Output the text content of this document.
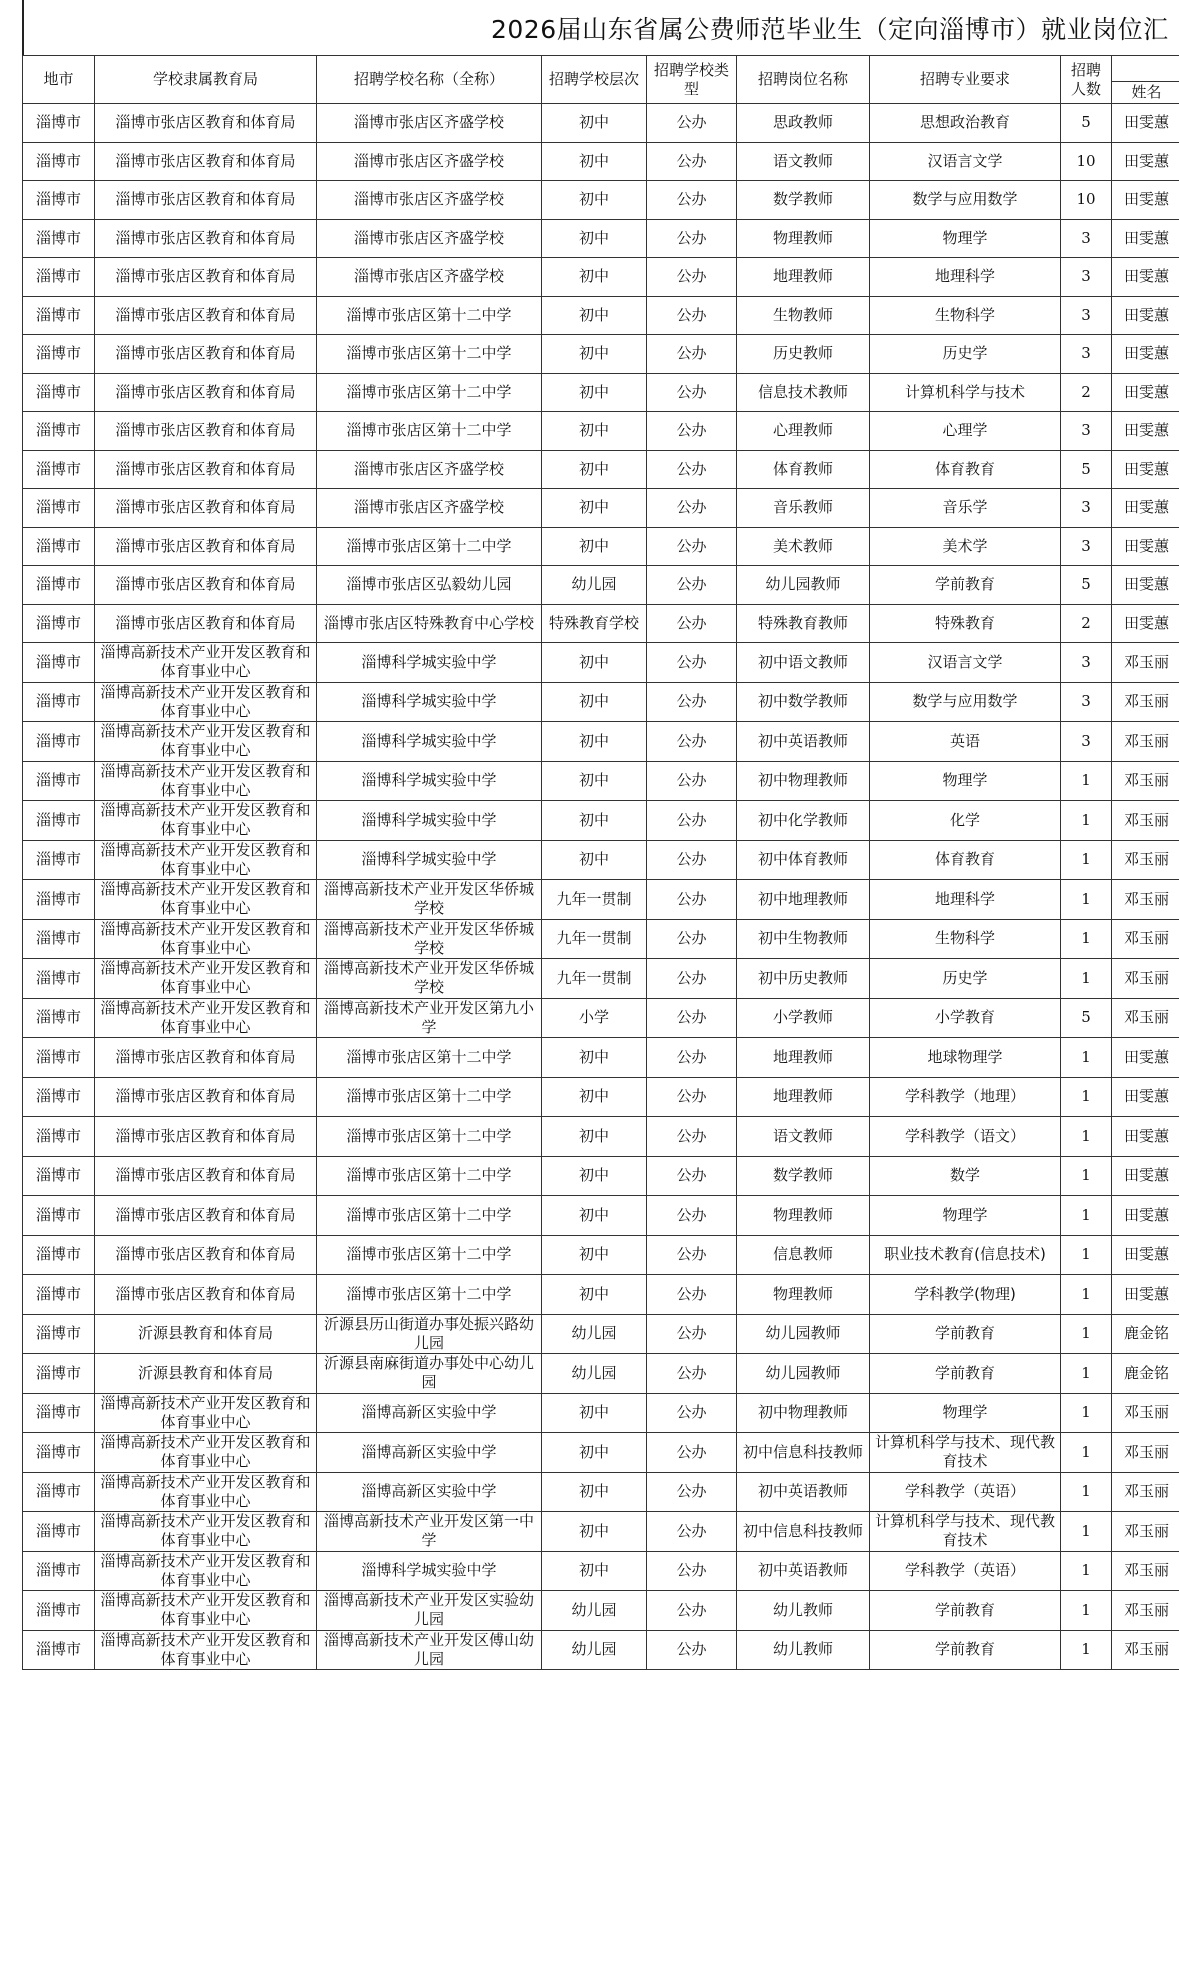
2026届山东省属公费师范毕业生（定向淄博市）就业岗位汇
地市	学校隶属教育局	招聘学校名称（全称）	招聘学校层次	招聘学校类型	招聘岗位名称	招聘专业要求	招聘人数		
								姓名	
淄博市	淄博市张店区教育和体育局	淄博市张店区齐盛学校	初中	公办	思政教师	思想政治教育	5	田雯蕙	
淄博市	淄博市张店区教育和体育局	淄博市张店区齐盛学校	初中	公办	语文教师	汉语言文学	10	田雯蕙	
淄博市	淄博市张店区教育和体育局	淄博市张店区齐盛学校	初中	公办	数学教师	数学与应用数学	10	田雯蕙	
淄博市	淄博市张店区教育和体育局	淄博市张店区齐盛学校	初中	公办	物理教师	物理学	3	田雯蕙	
淄博市	淄博市张店区教育和体育局	淄博市张店区齐盛学校	初中	公办	地理教师	地理科学	3	田雯蕙	
淄博市	淄博市张店区教育和体育局	淄博市张店区第十二中学	初中	公办	生物教师	生物科学	3	田雯蕙	
淄博市	淄博市张店区教育和体育局	淄博市张店区第十二中学	初中	公办	历史教师	历史学	3	田雯蕙	
淄博市	淄博市张店区教育和体育局	淄博市张店区第十二中学	初中	公办	信息技术教师	计算机科学与技术	2	田雯蕙	
淄博市	淄博市张店区教育和体育局	淄博市张店区第十二中学	初中	公办	心理教师	心理学	3	田雯蕙	
淄博市	淄博市张店区教育和体育局	淄博市张店区齐盛学校	初中	公办	体育教师	体育教育	5	田雯蕙	
淄博市	淄博市张店区教育和体育局	淄博市张店区齐盛学校	初中	公办	音乐教师	音乐学	3	田雯蕙	
淄博市	淄博市张店区教育和体育局	淄博市张店区第十二中学	初中	公办	美术教师	美术学	3	田雯蕙	
淄博市	淄博市张店区教育和体育局	淄博市张店区弘毅幼儿园	幼儿园	公办	幼儿园教师	学前教育	5	田雯蕙	
淄博市	淄博市张店区教育和体育局	淄博市张店区特殊教育中心学校	特殊教育学校	公办	特殊教育教师	特殊教育	2	田雯蕙	
淄博市	淄博高新技术产业开发区教育和体育事业中心	淄博科学城实验中学	初中	公办	初中语文教师	汉语言文学	3	邓玉丽	
淄博市	淄博高新技术产业开发区教育和体育事业中心	淄博科学城实验中学	初中	公办	初中数学教师	数学与应用数学	3	邓玉丽	
淄博市	淄博高新技术产业开发区教育和体育事业中心	淄博科学城实验中学	初中	公办	初中英语教师	英语	3	邓玉丽	
淄博市	淄博高新技术产业开发区教育和体育事业中心	淄博科学城实验中学	初中	公办	初中物理教师	物理学	1	邓玉丽	
淄博市	淄博高新技术产业开发区教育和体育事业中心	淄博科学城实验中学	初中	公办	初中化学教师	化学	1	邓玉丽	
淄博市	淄博高新技术产业开发区教育和体育事业中心	淄博科学城实验中学	初中	公办	初中体育教师	体育教育	1	邓玉丽	
淄博市	淄博高新技术产业开发区教育和体育事业中心	淄博高新技术产业开发区华侨城学校	九年一贯制	公办	初中地理教师	地理科学	1	邓玉丽	
淄博市	淄博高新技术产业开发区教育和体育事业中心	淄博高新技术产业开发区华侨城学校	九年一贯制	公办	初中生物教师	生物科学	1	邓玉丽	
淄博市	淄博高新技术产业开发区教育和体育事业中心	淄博高新技术产业开发区华侨城学校	九年一贯制	公办	初中历史教师	历史学	1	邓玉丽	
淄博市	淄博高新技术产业开发区教育和体育事业中心	淄博高新技术产业开发区第九小学	小学	公办	小学教师	小学教育	5	邓玉丽	
淄博市	淄博市张店区教育和体育局	淄博市张店区第十二中学	初中	公办	地理教师	地球物理学	1	田雯蕙	
淄博市	淄博市张店区教育和体育局	淄博市张店区第十二中学	初中	公办	地理教师	学科教学（地理）	1	田雯蕙	
淄博市	淄博市张店区教育和体育局	淄博市张店区第十二中学	初中	公办	语文教师	学科教学（语文）	1	田雯蕙	
淄博市	淄博市张店区教育和体育局	淄博市张店区第十二中学	初中	公办	数学教师	数学	1	田雯蕙	
淄博市	淄博市张店区教育和体育局	淄博市张店区第十二中学	初中	公办	物理教师	物理学	1	田雯蕙	
淄博市	淄博市张店区教育和体育局	淄博市张店区第十二中学	初中	公办	信息教师	职业技术教育(信息技术)	1	田雯蕙	
淄博市	淄博市张店区教育和体育局	淄博市张店区第十二中学	初中	公办	物理教师	学科教学(物理)	1	田雯蕙	
淄博市	沂源县教育和体育局	沂源县历山街道办事处振兴路幼儿园	幼儿园	公办	幼儿园教师	学前教育	1	鹿金铭	
淄博市	沂源县教育和体育局	沂源县南麻街道办事处中心幼儿园	幼儿园	公办	幼儿园教师	学前教育	1	鹿金铭	
淄博市	淄博高新技术产业开发区教育和体育事业中心	淄博高新区实验中学	初中	公办	初中物理教师	物理学	1	邓玉丽	
淄博市	淄博高新技术产业开发区教育和体育事业中心	淄博高新区实验中学	初中	公办	初中信息科技教师	计算机科学与技术、现代教育技术	1	邓玉丽	
淄博市	淄博高新技术产业开发区教育和体育事业中心	淄博高新区实验中学	初中	公办	初中英语教师	学科教学（英语）	1	邓玉丽	
淄博市	淄博高新技术产业开发区教育和体育事业中心	淄博高新技术产业开发区第一中学	初中	公办	初中信息科技教师	计算机科学与技术、现代教育技术	1	邓玉丽	
淄博市	淄博高新技术产业开发区教育和体育事业中心	淄博科学城实验中学	初中	公办	初中英语教师	学科教学（英语）	1	邓玉丽	
淄博市	淄博高新技术产业开发区教育和体育事业中心	淄博高新技术产业开发区实验幼儿园	幼儿园	公办	幼儿教师	学前教育	1	邓玉丽	
淄博市	淄博高新技术产业开发区教育和体育事业中心	淄博高新技术产业开发区傅山幼儿园	幼儿园	公办	幼儿教师	学前教育	1	邓玉丽	
